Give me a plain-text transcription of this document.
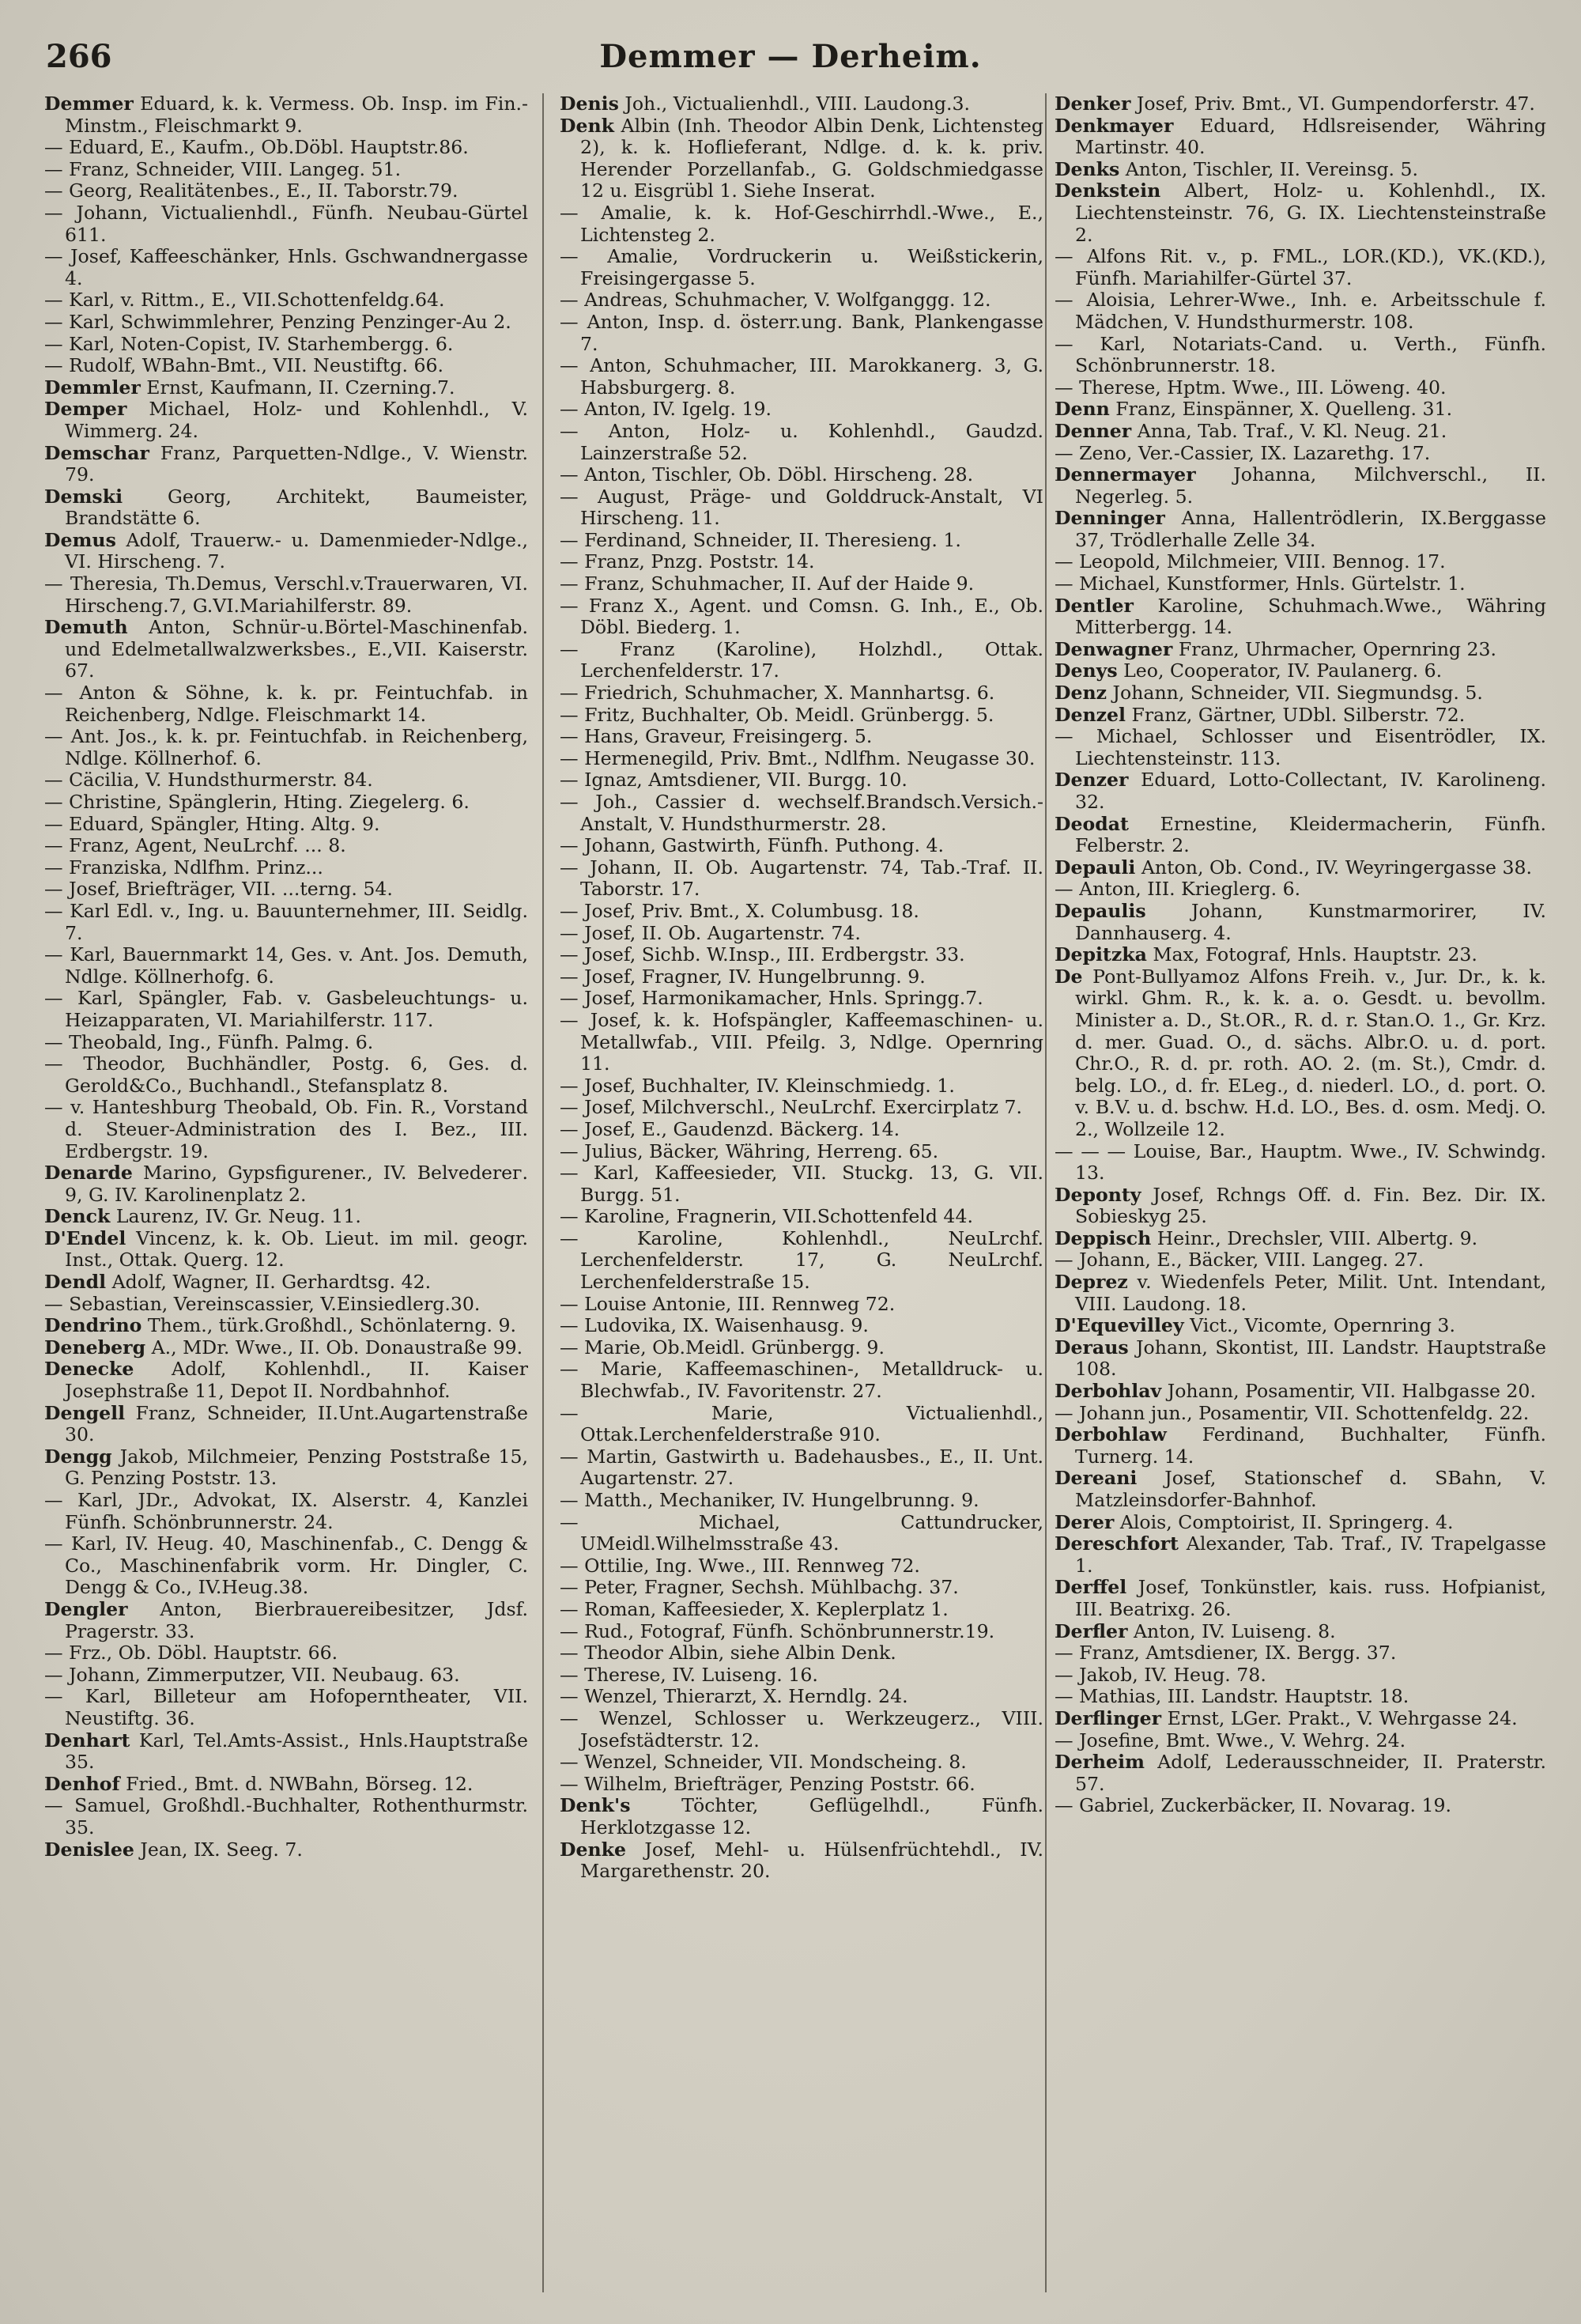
266	Demmer — Derheim.

Demmer Eduard, k. k. Vermess. Ob. Insp. im Fin.-Minstm., Fleischmarkt 9.

— Eduard, E., Kaufm., Ob.Döbl. Hauptstr.86.

— Franz, Schneider, VIII. Langeg. 51.

— Georg, Realitätenbes., E., II. Taborstr.79.

— Johann, Victualienhdl., Fünfh. Neubau-Gürtel 611.

— Josef, Kaffeeschänker, Hnls. Gschwandnergasse 4.

— Karl, v. Rittm., E., VII.Schottenfeldg.64.

— Karl, Schwimmlehrer, Penzing Penzinger-Au 2.

— Karl, Noten-Copist, IV. Starhembergg. 6.

— Rudolf, WBahn-Bmt., VII. Neustiftg. 66.

Demmler Ernst, Kaufmann, II. Czerning.7.

Demper Michael, Holz- und Kohlenhdl., V. Wimmerg. 24.

Demschar Franz, Parquetten-Ndlge., V. Wienstr. 79.

Demski Georg, Architekt, Baumeister, Brandstätte 6.

Demus Adolf, Trauerw.- u. Damenmieder-Ndlge., VI. Hirscheng. 7.

— Theresia, Th.Demus, Verschl.v.Trauerwaren, VI. Hirscheng.7, G.VI.Mariahilferstr. 89.

Demuth Anton, Schnür-u.Börtel-Maschinenfab. und Edelmetallwalzwerksbes., E.,VII. Kaiserstr. 67.

— Anton & Söhne, k. k. pr. Feintuchfab. in Reichenberg, Ndlge. Fleischmarkt 14.

— Ant. Jos., k. k. pr. Feintuchfab. in Reichenberg, Ndlge. Köllnerhof. 6.

— Cäcilia, V. Hundsthurmerstr. 84.

— Christine, Spänglerin, Hting. Ziegelerg. 6.

— Eduard, Spängler, Hting. Altg. 9.

— Franz, Agent, NeuLrchf. ... 8.

— Franziska, Ndlfhm. Prinz...

— Josef, Briefträger, VII. ...terng. 54.

— Karl Edl. v., Ing. u. Bauunternehmer, III. Seidlg. 7.

— Karl, Bauernmarkt 14, Ges. v. Ant. Jos. Demuth, Ndlge. Köllnerhofg. 6.

— Karl, Spängler, Fab. v. Gasbeleuchtungs- u. Heizapparaten, VI. Mariahilferstr. 117.

— Theobald, Ing., Fünfh. Palmg. 6.

— Theodor, Buchhändler, Postg. 6, Ges. d. Gerold&Co., Buchhandl., Stefansplatz 8.

— v. Hanteshburg Theobald, Ob. Fin. R., Vorstand d. Steuer-Administration des I. Bez., III. Erdbergstr. 19.

Denarde Marino, Gypsfigurener., IV. Belvederег. 9, G. IV. Karolinenplatz 2.

Denck Laurenz, IV. Gr. Neug. 11.

D'Endel Vincenz, k. k. Ob. Lieut. im mil. geogr. Inst., Ottak. Querg. 12.

Dendl Adolf, Wagner, II. Gerhardtsg. 42.

— Sebastian, Vereinscassier, V.Einsiedlerg.30.

Dendrino Them., türk.Großhdl., Schönlaterng. 9.

Deneberg A., MDr. Wwe., II. Ob. Donaustraße 99.

Denecke Adolf, Kohlenhdl., II. Kaiser Josephstraße 11, Depot II. Nordbahnhof.

Dengell Franz, Schneider, II.Unt.Augartenstraße 30.

Dengg Jakob, Milchmeier, Penzing Poststraße 15, G. Penzing Poststr. 13.

— Karl, JDr., Advokat, IX. Alserstr. 4, Kanzlei Fünfh. Schönbrunnerstr. 24.

— Karl, IV. Heug. 40, Maschinenfab., C. Dengg & Co., Maschinenfabrik vorm. Hr. Dingler, C. Dengg & Co., IV.Heug.38.

Dengler Anton, Bierbrauereibesitzer, Jdsf. Pragerstr. 33.

— Frz., Ob. Döbl. Hauptstr. 66.

— Johann, Zimmerputzer, VII. Neubaug. 63.

— Karl, Billeteur am Hofoperntheater, VII. Neustiftg. 36.

Denhart Karl, Tel.Amts-Assist., Hnls.Hauptstraße 35.

Denhof Fried., Bmt. d. NWBahn, Börseg. 12.

— Samuel, Großhdl.-Buchhalter, Rothenthurmstr. 35.

Denislee Jean, IX. Seeg. 7.

Denis Joh., Victualienhdl., VIII. Laudong.3.

Denk Albin (Inh. Theodor Albin Denk, Lichtensteg 2), k. k. Hoflieferant, Ndlge. d. k. k. priv. Herender Porzellanfab., G. Goldschmiedgasse 12 u. Eisgrübl 1. Siehe Inserat.

— Amalie, k. k. Hof-Geschirrhdl.-Wwe., E., Lichtensteg 2.

— Amalie, Vordruckerin u. Weißstickerin, Freisingergasse 5.

— Andreas, Schuhmacher, V. Wolfganggg. 12.

— Anton, Insp. d. österr.ung. Bank, Plankengasse 7.

— Anton, Schuhmacher, III. Marokkanerg. 3, G. Habsburgerg. 8.

— Anton, IV. Igelg. 19.

— Anton, Holz- u. Kohlenhdl., Gaudzd. Lainzerstraße 52.

— Anton, Tischler, Ob. Döbl. Hirscheng. 28.

— August, Präge- und Golddruck-Anstalt, VI Hirscheng. 11.

— Ferdinand, Schneider, II. Theresieng. 1.

— Franz, Pnzg. Poststr. 14.

— Franz, Schuhmacher, II. Auf der Haide 9.

— Franz X., Agent. und Comsn. G. Inh., E., Ob. Döbl. Biederg. 1.

— Franz (Karoline), Holzhdl., Ottak. Lerchenfelderstr. 17.

— Friedrich, Schuhmacher, X. Mannhartsg. 6.

— Fritz, Buchhalter, Ob. Meidl. Grünbergg. 5.

— Hans, Graveur, Freisingerg. 5.

— Hermenegild, Priv. Bmt., Ndlfhm. Neugasse 30.

— Ignaz, Amtsdiener, VII. Burgg. 10.

— Joh., Cassier d. wechself.Brandsch.Versich.-Anstalt, V. Hundsthurmerstr. 28.

— Johann, Gastwirth, Fünfh. Puthong. 4.

— Johann, II. Ob. Augartenstr. 74, Tab.-Traf. II. Taborstr. 17.

— Josef, Priv. Bmt., X. Columbusg. 18.

— Josef, II. Ob. Augartenstr. 74.

— Josef, Sichb. W.Insp., III. Erdbergstr. 33.

— Josef, Fragner, IV. Hungelbrunng. 9.

— Josef, Harmonikamacher, Hnls. Springg.7.

— Josef, k. k. Hofspängler, Kaffeemaschinen- u. Metallwfab., VIII. Pfeilg. 3, Ndlge. Opernring 11.

— Josef, Buchhalter, IV. Kleinschmiedg. 1.

— Josef, Milchverschl., NeuLrchf. Exercirplatz 7.

— Josef, E., Gaudenzd. Bäckerg. 14.

— Julius, Bäcker, Währing, Herreng. 65.

— Karl, Kaffeesieder, VII. Stuckg. 13, G. VII. Burgg. 51.

— Karoline, Fragnerin, VII.Schottenfeld 44.

— Karoline, Kohlenhdl., NeuLrchf. Lerchenfelderstr. 17, G. NeuLrchf. Lerchenfelderstraße 15.

— Louise Antonie, III. Rennweg 72.

— Ludovika, IX. Waisenhausg. 9.

— Marie, Ob.Meidl. Grünbergg. 9.

— Marie, Kaffeemaschinen-, Metalldruck- u. Blechwfab., IV. Favoritenstr. 27.

— Marie, Victualienhdl., Ottak.Lerchenfelderstraße 910.

— Martin, Gastwirth u. Badehausbes., E., II. Unt. Augartenstr. 27.

— Matth., Mechaniker, IV. Hungelbrunng. 9.

— Michael, Cattundrucker, UMeidl.Wilhelmsstraße 43.

— Ottilie, Ing. Wwe., III. Rennweg 72.

— Peter, Fragner, Sechsh. Mühlbachg. 37.

— Roman, Kaffeesieder, X. Keplerplatz 1.

— Rud., Fotograf, Fünfh. Schönbrunnerstr.19.

— Theodor Albin, siehe Albin Denk.

— Therese, IV. Luiseng. 16.

— Wenzel, Thierarzt, X. Herndlg. 24.

— Wenzel, Schlosser u. Werkzeugerz., VIII. Josefstädterstr. 12.

— Wenzel, Schneider, VII. Mondscheing. 8.

— Wilhelm, Briefträger, Penzing Poststr. 66.

Denk's Töchter, Geflügelhdl., Fünfh. Herklotzgasse 12.

Denke Josef, Mehl- u. Hülsenfrüchtehdl., IV. Margarethenstr. 20.

Denker Josef, Priv. Bmt., VI. Gumpendorferstr. 47.

Denkmayer Eduard, Hdlsreisender, Währing Martinstr. 40.

Denks Anton, Tischler, II. Vereinsg. 5.

Denkstein Albert, Holz- u. Kohlenhdl., IX. Liechtensteinstr. 76, G. IX. Liechtensteinstraße 2.

— Alfons Rit. v., p. FML., LOR.(KD.), VK.(KD.), Fünfh. Mariahilfer-Gürtel 37.

— Aloisia, Lehrer-Wwe., Inh. e. Arbeitsschule f. Mädchen, V. Hundsthurmerstr. 108.

— Karl, Notariats-Cand. u. Verth., Fünfh. Schönbrunnerstr. 18.

— Therese, Hptm. Wwe., III. Löweng. 40.

Denn Franz, Einspänner, X. Quelleng. 31.

Denner Anna, Tab. Traf., V. Kl. Neug. 21.

— Zeno, Ver.-Cassier, IX. Lazarethg. 17.

Dennermayer Johanna, Milchverschl., II. Negerleg. 5.

Denninger Anna, Hallentrödlerin, IX.Berggasse 37, Trödlerhalle Zelle 34.

— Leopold, Milchmeier, VIII. Bennog. 17.

— Michael, Kunstformer, Hnls. Gürtelstr. 1.

Dentler Karoline, Schuhmach.Wwe., Währing Mitterbergg. 14.

Denwagner Franz, Uhrmacher, Opernring 23.

Denys Leo, Cooperator, IV. Paulanerg. 6.

Denz Johann, Schneider, VII. Siegmundsg. 5.

Denzel Franz, Gärtner, UDbl. Silberstr. 72.

— Michael, Schlosser und Eisentrödler, IX. Liechtensteinstr. 113.

Denzer Eduard, Lotto-Collectant, IV. Karolineng. 32.

Deodat Ernestine, Kleidermacherin, Fünfh. Felberstr. 2.

Depauli Anton, Ob. Cond., IV. Weyringergasse 38.

— Anton, III. Kriеglerg. 6.

Depaulis Johann, Kunstmarmorirer, IV. Dannhauserg. 4.

Depitzka Max, Fotograf, Hnls. Hauptstr. 23.

De Pont-Bullyamoz Alfons Freih. v., Jur. Dr., k. k. wirkl. Ghm. R., k. k. a. o. Gesdt. u. bevollm. Minister a. D., St.OR., R. d. r. Stan.O. 1., Gr. Krz. d. mer. Guad. O., d. sächs. Albr.O. u. d. port. Chr.O., R. d. pr. roth. AO. 2. (m. St.), Cmdr. d. belg. LO., d. fr. ELeg., d. niederl. LO., d. port. O. v. B.V. u. d. bschw. H.d. LO., Bes. d. osm. Medj. O. 2., Wollzeile 12.

— — — Louise, Bar., Hauptm. Wwe., IV. Schwindg. 13.

Deponty Josef, Rchngs Off. d. Fin. Bez. Dir. IX. Sobieskyg 25.

Deppisch Heinr., Drechsler, VIII. Albertg. 9.

— Johann, E., Bäcker, VIII. Langeg. 27.

Deprez v. Wiedenfels Peter, Milit. Unt. Intendant, VIII. Laudong. 18.

D'Equevilley Vict., Vicomte, Opernring 3.

Deraus Johann, Skontist, III. Landstr. Hauptstraße 108.

Derbohlav Johann, Posamentir, VII. Halbgasse 20.

— Johann jun., Posamentir, VII. Schottenfeldg. 22.

Derbohlaw Ferdinand, Buchhalter, Fünfh. Turnerg. 14.

Dereani Josef, Stationschef d. SBahn, V. Matzleinsdorfer-Bahnhof.

Derer Alois, Comptoirist, II. Springerg. 4.

Dereschfort Alexander, Tab. Traf., IV. Trapelgasse 1.

Derffel Josef, Tonkünstler, kais. russ. Hofpianist, III. Beatrixg. 26.

Derfler Anton, IV. Luiseng. 8.

— Franz, Amtsdiener, IX. Bergg. 37.

— Jakob, IV. Heug. 78.

— Mathias, III. Landstr. Hauptstr. 18.

Derflinger Ernst, LGer. Prakt., V. Wehrgasse 24.

— Josefine, Bmt. Wwe., V. Wehrg. 24.

Derheim Adolf, Lederausschneider, II. Praterstr. 57.

— Gabriel, Zuckerbäcker, II. Novarag. 19.
